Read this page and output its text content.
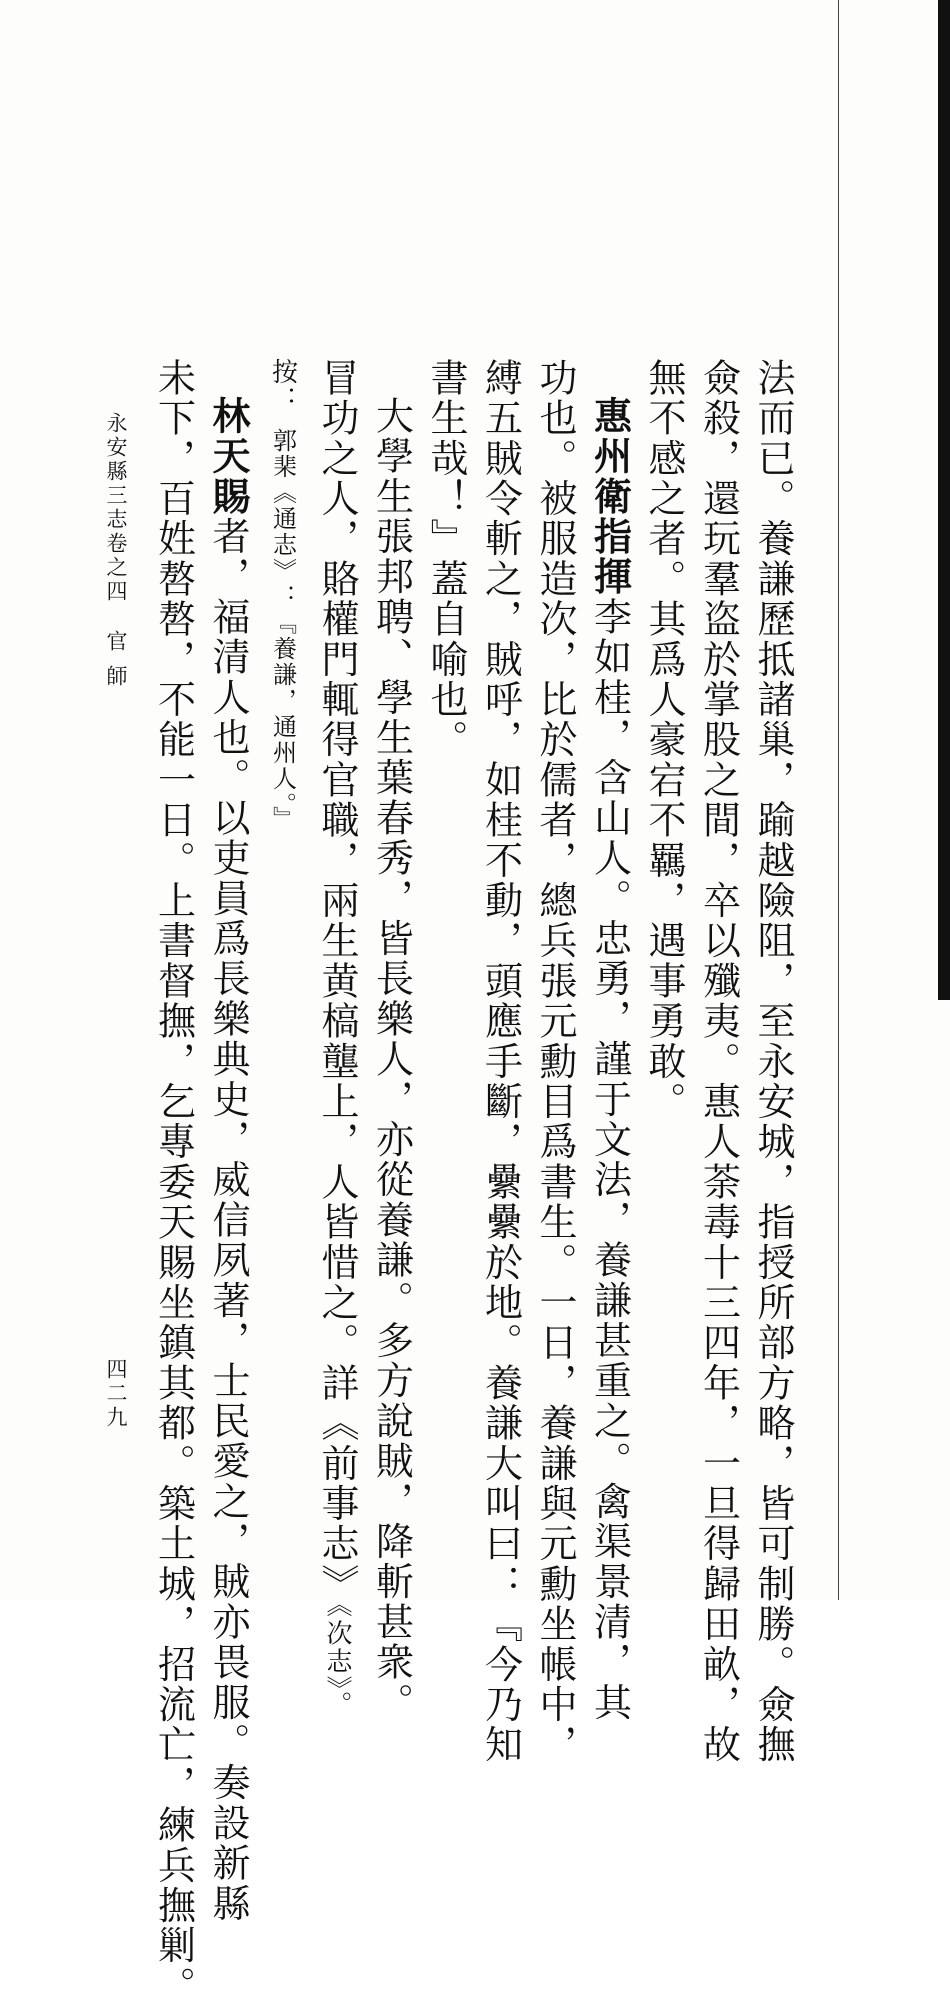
法而已。養謙歷抵諸巢，踰越險阻，至永安城，指授所部方略，皆可制勝。僉撫
僉殺，還玩羣盗於掌股之間，卒以殲夷。惠人荼毒十三四年，一旦得歸田畝，故
無不感之者。其爲人豪宕不羈，遇事勇敢。
惠州衛指揮李如桂，含山人。忠勇，謹于文法，養謙甚重之。禽渠景清，其
功也。被服造次，比於儒者，總兵張元勳目爲書生。一日，養謙與元勳坐帳中，
縛五賊令斬之，賊呼，如桂不動，頭應手斷，纍纍於地。養謙大叫曰：『今乃知
書生哉！』蓋自喻也。
大學生張邦聘、學生葉春秀，皆長樂人，亦從養謙。多方說賊，降斬甚衆。
冒功之人，賂權門輒得官職，兩生黄槁壟上，人皆惜之。詳《前事志》《次志》。
按：郭棐《通志》：『養謙，通州人。』
林天賜者，福清人也。以吏員爲長樂典史，威信夙著，士民愛之，賊亦畏服。奏設新縣
未下，百姓嗸嗸，不能一日。上書督撫，乞專委天賜坐鎮其都。築土城，招流亡，練兵撫剿。
永安縣三志卷之四官師
四二九
